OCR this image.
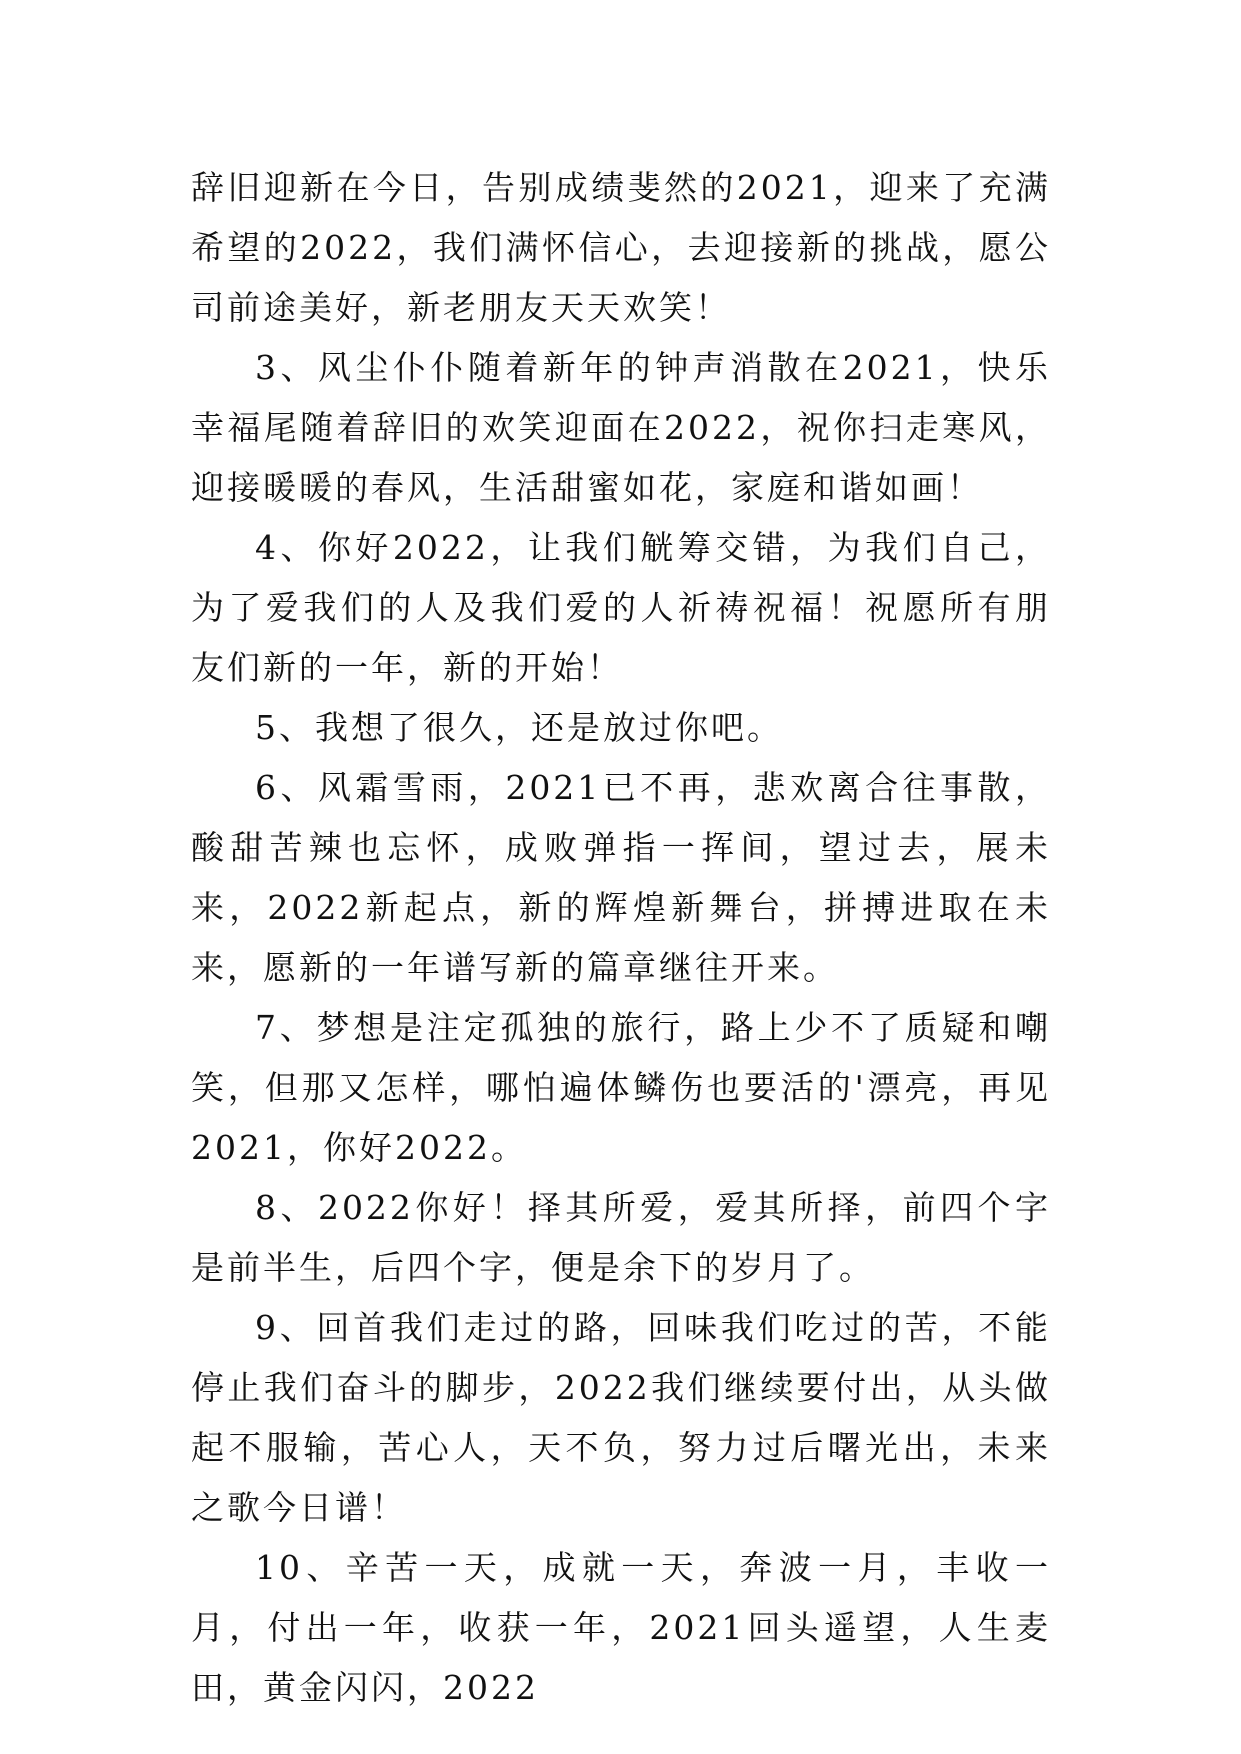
辞旧迎新在今日，告别成绩斐然的2021，迎来了充满希望的2022，我们满怀信心，去迎接新的挑战，愿公司前途美好，新老朋友天天欢笑！

3、风尘仆仆随着新年的钟声消散在2021，快乐幸福尾随着辞旧的欢笑迎面在2022，祝你扫走寒风，迎接暖暖的春风，生活甜蜜如花，家庭和谐如画！

4、你好2022，让我们觥筹交错，为我们自己，为了爱我们的人及我们爱的人祈祷祝福！祝愿所有朋友们新的一年，新的开始！

5、我想了很久，还是放过你吧。

6、风霜雪雨，2021已不再，悲欢离合往事散，酸甜苦辣也忘怀，成败弹指一挥间，望过去，展未来，2022新起点，新的辉煌新舞台，拼搏进取在未来，愿新的一年谱写新的篇章继往开来。

7、梦想是注定孤独的旅行，路上少不了质疑和嘲笑，但那又怎样，哪怕遍体鳞伤也要活的'漂亮，再见2021，你好2022。

8、2022你好！择其所爱，爱其所择，前四个字是前半生，后四个字，便是余下的岁月了。

9、回首我们走过的路，回味我们吃过的苦，不能停止我们奋斗的脚步，2022我们继续要付出，从头做起不服输，苦心人，天不负，努力过后曙光出，未来之歌今日谱！

10、辛苦一天，成就一天，奔波一月，丰收一月，付出一年，收获一年，2021回头遥望，人生麦田，黄金闪闪，2022
